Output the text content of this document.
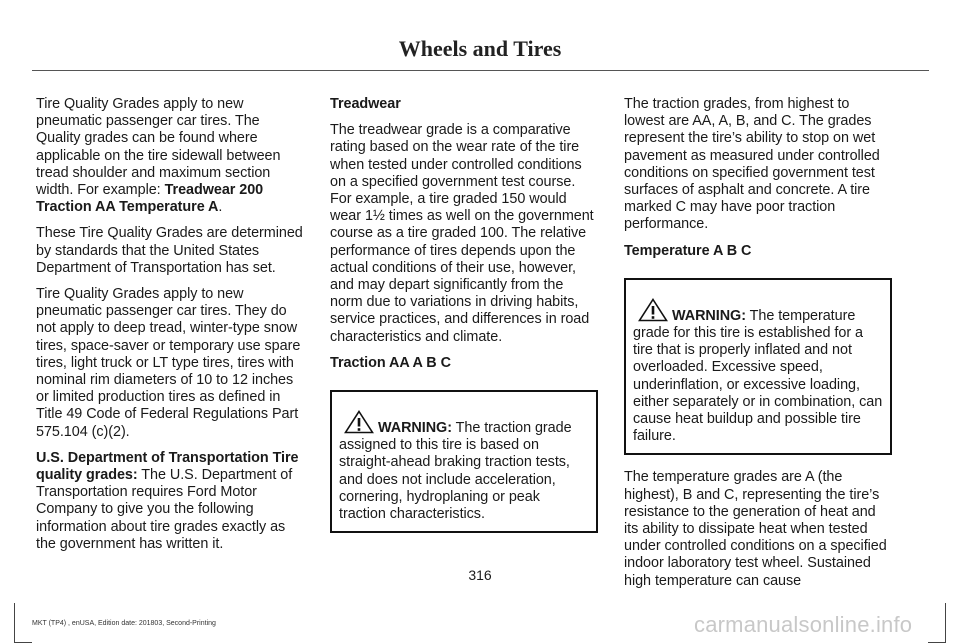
Wheels and Tires

Tire Quality Grades apply to new pneumatic passenger car tires. The Quality grades can be found where applicable on the tire sidewall between tread shoulder and maximum section width. For example: Treadwear 200 Traction AA Temperature A.

These Tire Quality Grades are determined by standards that the United States Department of Transportation has set.

Tire Quality Grades apply to new pneumatic passenger car tires. They do not apply to deep tread, winter-type snow tires, space-saver or temporary use spare tires, light truck or LT type tires, tires with nominal rim diameters of 10 to 12 inches or limited production tires as defined in Title 49 Code of Federal Regulations Part 575.104 (c)(2).

U.S. Department of Transportation Tire quality grades: The U.S. Department of Transportation requires Ford Motor Company to give you the following information about tire grades exactly as the government has written it.

Treadwear

The treadwear grade is a comparative rating based on the wear rate of the tire when tested under controlled conditions on a specified government test course. For example, a tire graded 150 would wear 1½ times as well on the government course as a tire graded 100. The relative performance of tires depends upon the actual conditions of their use, however, and may depart significantly from the norm due to variations in driving habits, service practices, and differences in road characteristics and climate.

Traction AA A B C

WARNING: The traction grade assigned to this tire is based on straight-ahead braking traction tests, and does not include acceleration, cornering, hydroplaning or peak traction characteristics.

The traction grades, from highest to lowest are AA, A, B, and C. The grades represent the tire’s ability to stop on wet pavement as measured under controlled conditions on specified government test surfaces of asphalt and concrete. A tire marked C may have poor traction performance.

Temperature A B C

WARNING: The temperature grade for this tire is established for a tire that is properly inflated and not overloaded. Excessive speed, underinflation, or excessive loading, either separately or in combination, can cause heat buildup and possible tire failure.

The temperature grades are A (the highest), B and C, representing the tire’s resistance to the generation of heat and its ability to dissipate heat when tested under controlled conditions on a specified indoor laboratory test wheel. Sustained high temperature can cause

316
MKT (TP4) , enUSA, Edition date: 201803, Second-Printing	carmanualsonline.info
